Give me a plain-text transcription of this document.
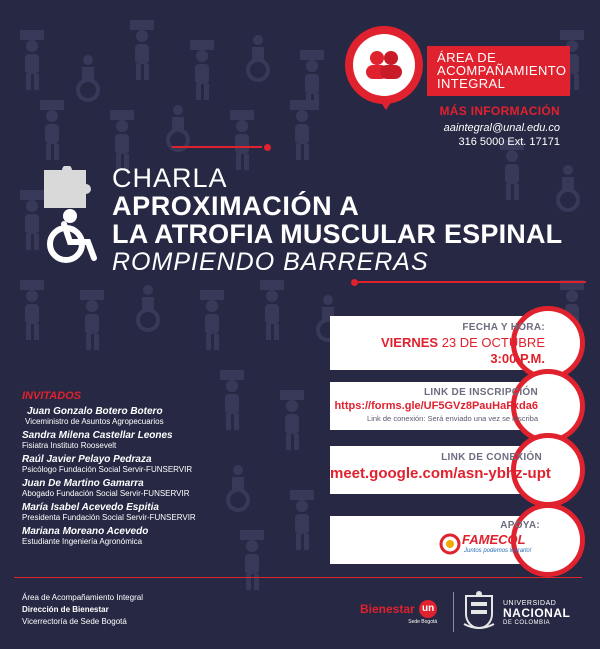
ÁREA DE
ACOMPAÑAMIENTO
INTEGRAL
MÁS INFORMACIÓN
aaintegral@unal.edu.co
316 5000 Ext. 17171
CHARLA
APROXIMACIÓN A
LA ATROFIA MUSCULAR ESPINAL
ROMPIENDO BARRERAS
FECHA Y HORA:
VIERNES 23 DE OCTUBRE
3:00 P.M.
LINK DE INSCRIPCIÓN
https://forms.gle/UF5GVz8PauHaFxda6
Link de conexión: Será enviado una vez se inscriba
LINK DE CONEXIÓN
meet.google.com/asn-ybhz-upt
APOYA:
FAMECOL
Juntos podemos lograrlo!
INVITADOS
Juan Gonzalo Botero Botero
Viceministro de Asuntos Agropecuarios
Sandra Milena Castellar Leones
Fisiatra Instituto Roosevelt
Raúl Javier Pelayo Pedraza
Psicólogo Fundación Social Servir-FUNSERVIR
Juan De Martino Gamarra
Abogado Fundación Social Servir-FUNSERVIR
María Isabel Acevedo Espitia
Presidenta Fundación Social Servir-FUNSERVIR
Mariana Moreano Acevedo
Estudiante Ingeniería Agronómica
Área de Acompañamiento Integral
Dirección de Bienestar
Vicerrectoría de Sede Bogotá
Bienestar un
Sede Bogotá
UNIVERSIDAD
NACIONAL
DE COLOMBIA
